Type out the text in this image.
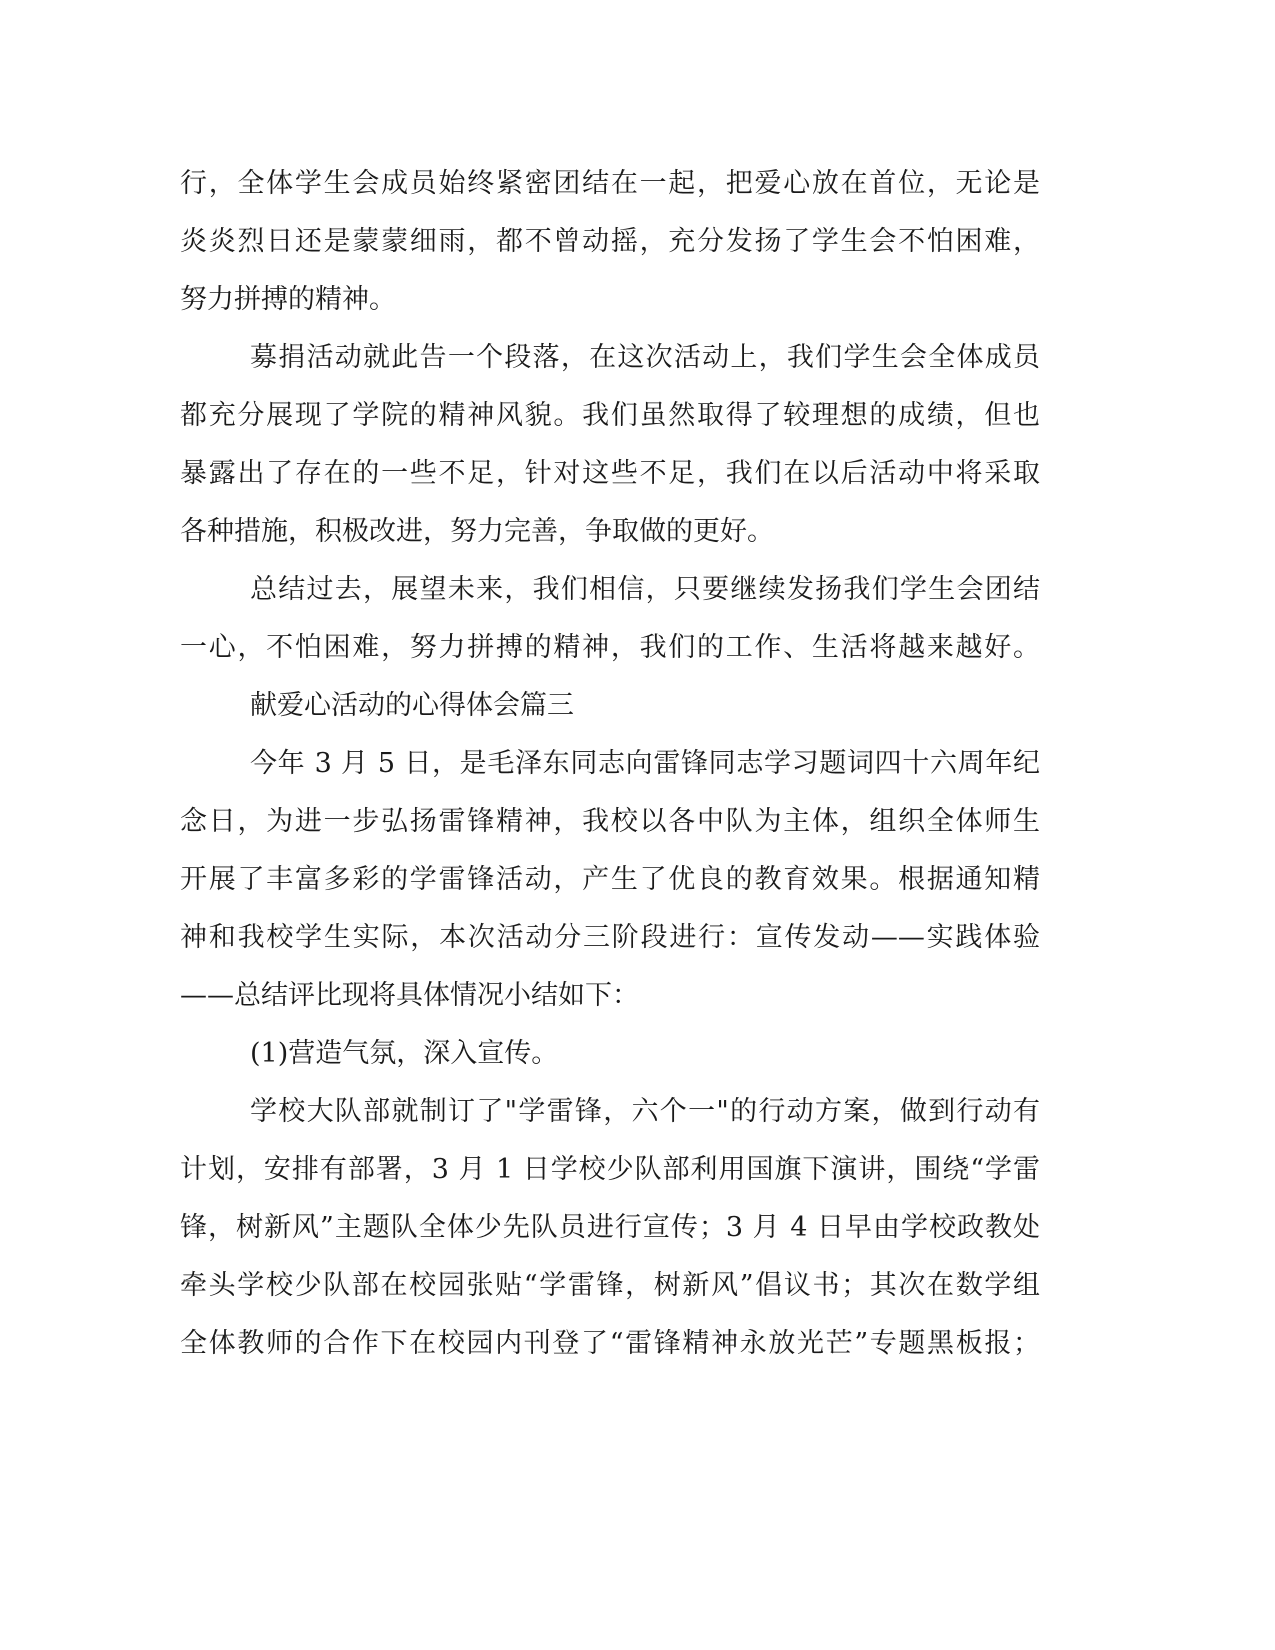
行，全体学生会成员始终紧密团结在一起，把爱心放在首位，无论是
炎炎烈日还是蒙蒙细雨，都不曾动摇，充分发扬了学生会不怕困难，
努力拼搏的精神。
募捐活动就此告一个段落，在这次活动上，我们学生会全体成员
都充分展现了学院的精神风貌。我们虽然取得了较理想的成绩，但也
暴露出了存在的一些不足，针对这些不足，我们在以后活动中将采取
各种措施，积极改进，努力完善，争取做的更好。
总结过去，展望未来，我们相信，只要继续发扬我们学生会团结
一心，不怕困难，努力拼搏的精神，我们的工作、生活将越来越好。
献爱心活动的心得体会篇三
今年 3 月 5 日，是毛泽东同志向雷锋同志学习题词四十六周年纪
念日，为进一步弘扬雷锋精神，我校以各中队为主体，组织全体师生
开展了丰富多彩的学雷锋活动，产生了优良的教育效果。根据通知精
神和我校学生实际，本次活动分三阶段进行：宣传发动——实践体验
——总结评比现将具体情况小结如下：
(1)营造气氛，深入宣传。
学校大队部就制订了"学雷锋，六个一"的行动方案，做到行动有
计划，安排有部署，3 月 1 日学校少队部利用国旗下演讲，围绕“学雷
锋，树新风”主题队全体少先队员进行宣传；3 月 4 日早由学校政教处
牵头学校少队部在校园张贴“学雷锋，树新风”倡议书；其次在数学组
全体教师的合作下在校园内刊登了“雷锋精神永放光芒”专题黑板报；
